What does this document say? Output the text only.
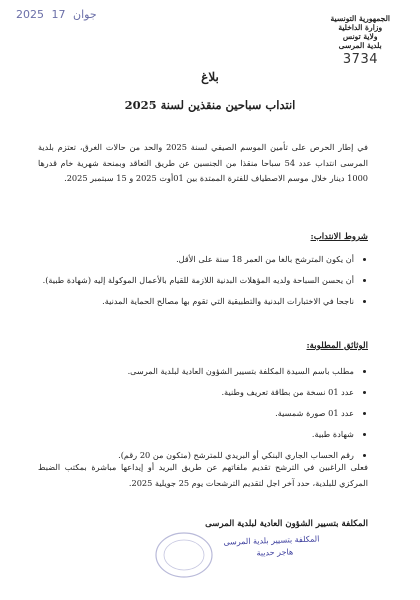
2025	جوان 17	الجمهورية التونسية
وزارة الداخلية
ولاية تونس
بلدية المرسى
3734
بلاغ
انتداب سباحين منقذين لسنة 2025
في إطار الحرص على تأمين الموسم الصيفي لسنة 2025 والحد من حالات الغرق، تعتزم بلدية المرسى انتداب عدد 54 سباحا منقذا من الجنسين عن طريق التعاقد وبمنحة شهرية خام قدرها 1000 دينار خلال موسم الاصطياف للفترة الممتدة بين 01أوت 2025 و 15 سبتمبر 2025.
شروط الانتداب:
• أن يكون المترشح بالغا من العمر 18 سنة على الأقل.
• أن يحسن السباحة ولديه المؤهلات البدنية اللازمة للقيام بالأعمال الموكولة إليه (شهادة طبية).
• ناجحا في الاختبارات البدنية والتطبيقية التي تقوم بها مصالح الحماية المدنية.
الوثائق المطلوبة:
• مطلب باسم السيدة المكلفة بتسيير الشؤون العادية لبلدية المرسى.
• عدد 01 نسخة من بطاقة تعريف وطنية.
• عدد 01 صورة شمسية.
• شهادة طبية.
• رقم الحساب الجاري البنكي أو البريدي للمترشح (متكون من 20 رقم).
فعلى الراغبين في الترشح تقديم ملفاتهم عن طريق البريد أو إيداعها مباشرة بمكتب الضبط المركزي للبلدية، حدد آخر اجل لتقديم الترشحات يوم 25 جويلية 2025.
المكلفة بتسيير الشؤون العادية لبلدية المرسى
المكلفة بتسيير بلدية المرسى
هاجر حديبة
